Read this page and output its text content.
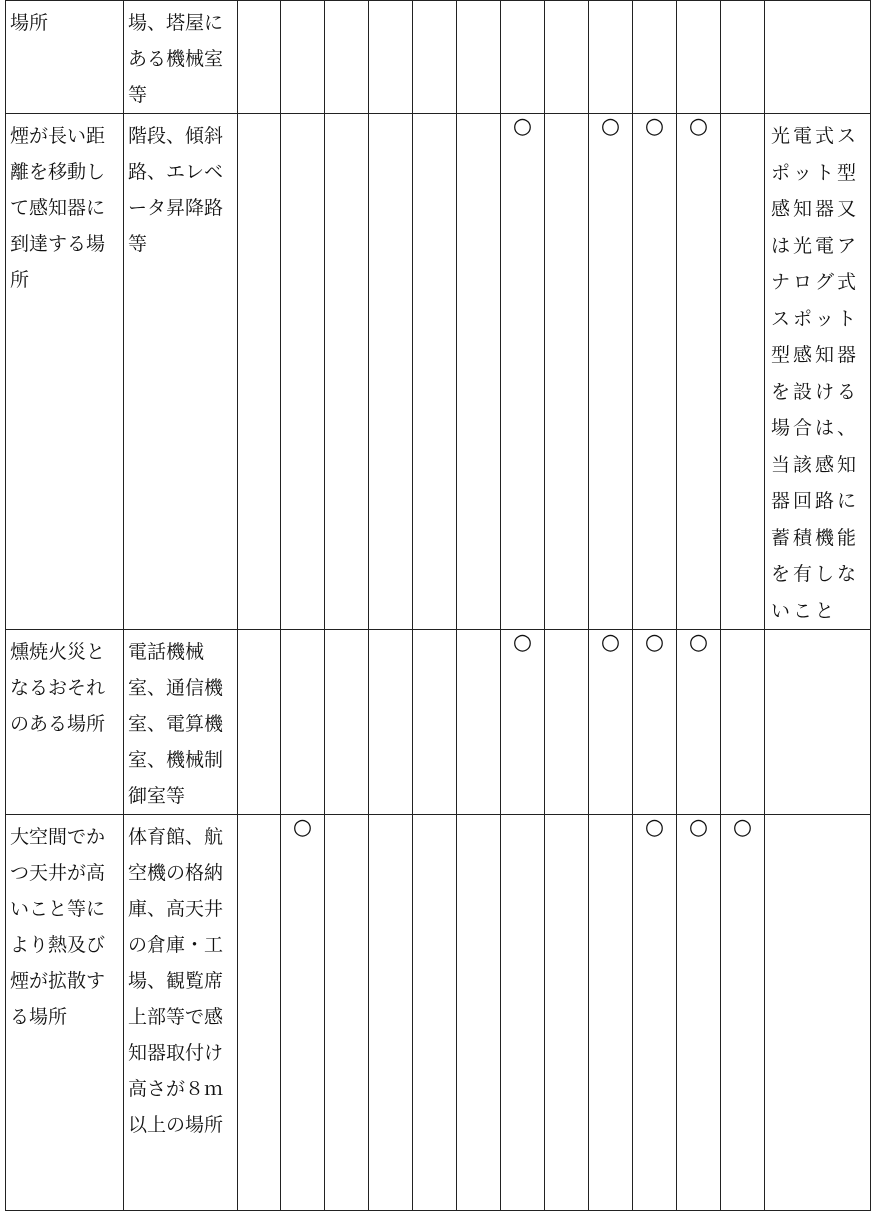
場所	場、塔屋にある機械室等													

煙が長い距離を移動して感知器に到達する場所	階段、傾斜路、エレベータ昇降路等							○		○	○	○		光電式スポット型感知器又は光電アナログ式スポット型感知器を設ける場合は、当該感知器回路に蓄積機能を有しないこと

燻焼火災となるおそれのある場所	電話機械室、通信機室、電算機室、機械制御室等							○		○	○	○		

大空間でかつ天井が高いこと等により熱及び煙が拡散する場所	体育館、航空機の格納庫、高天井の倉庫・工場、観覧席上部等で感知器取付け高さが８ｍ以上の場所		○								○	○	○	
